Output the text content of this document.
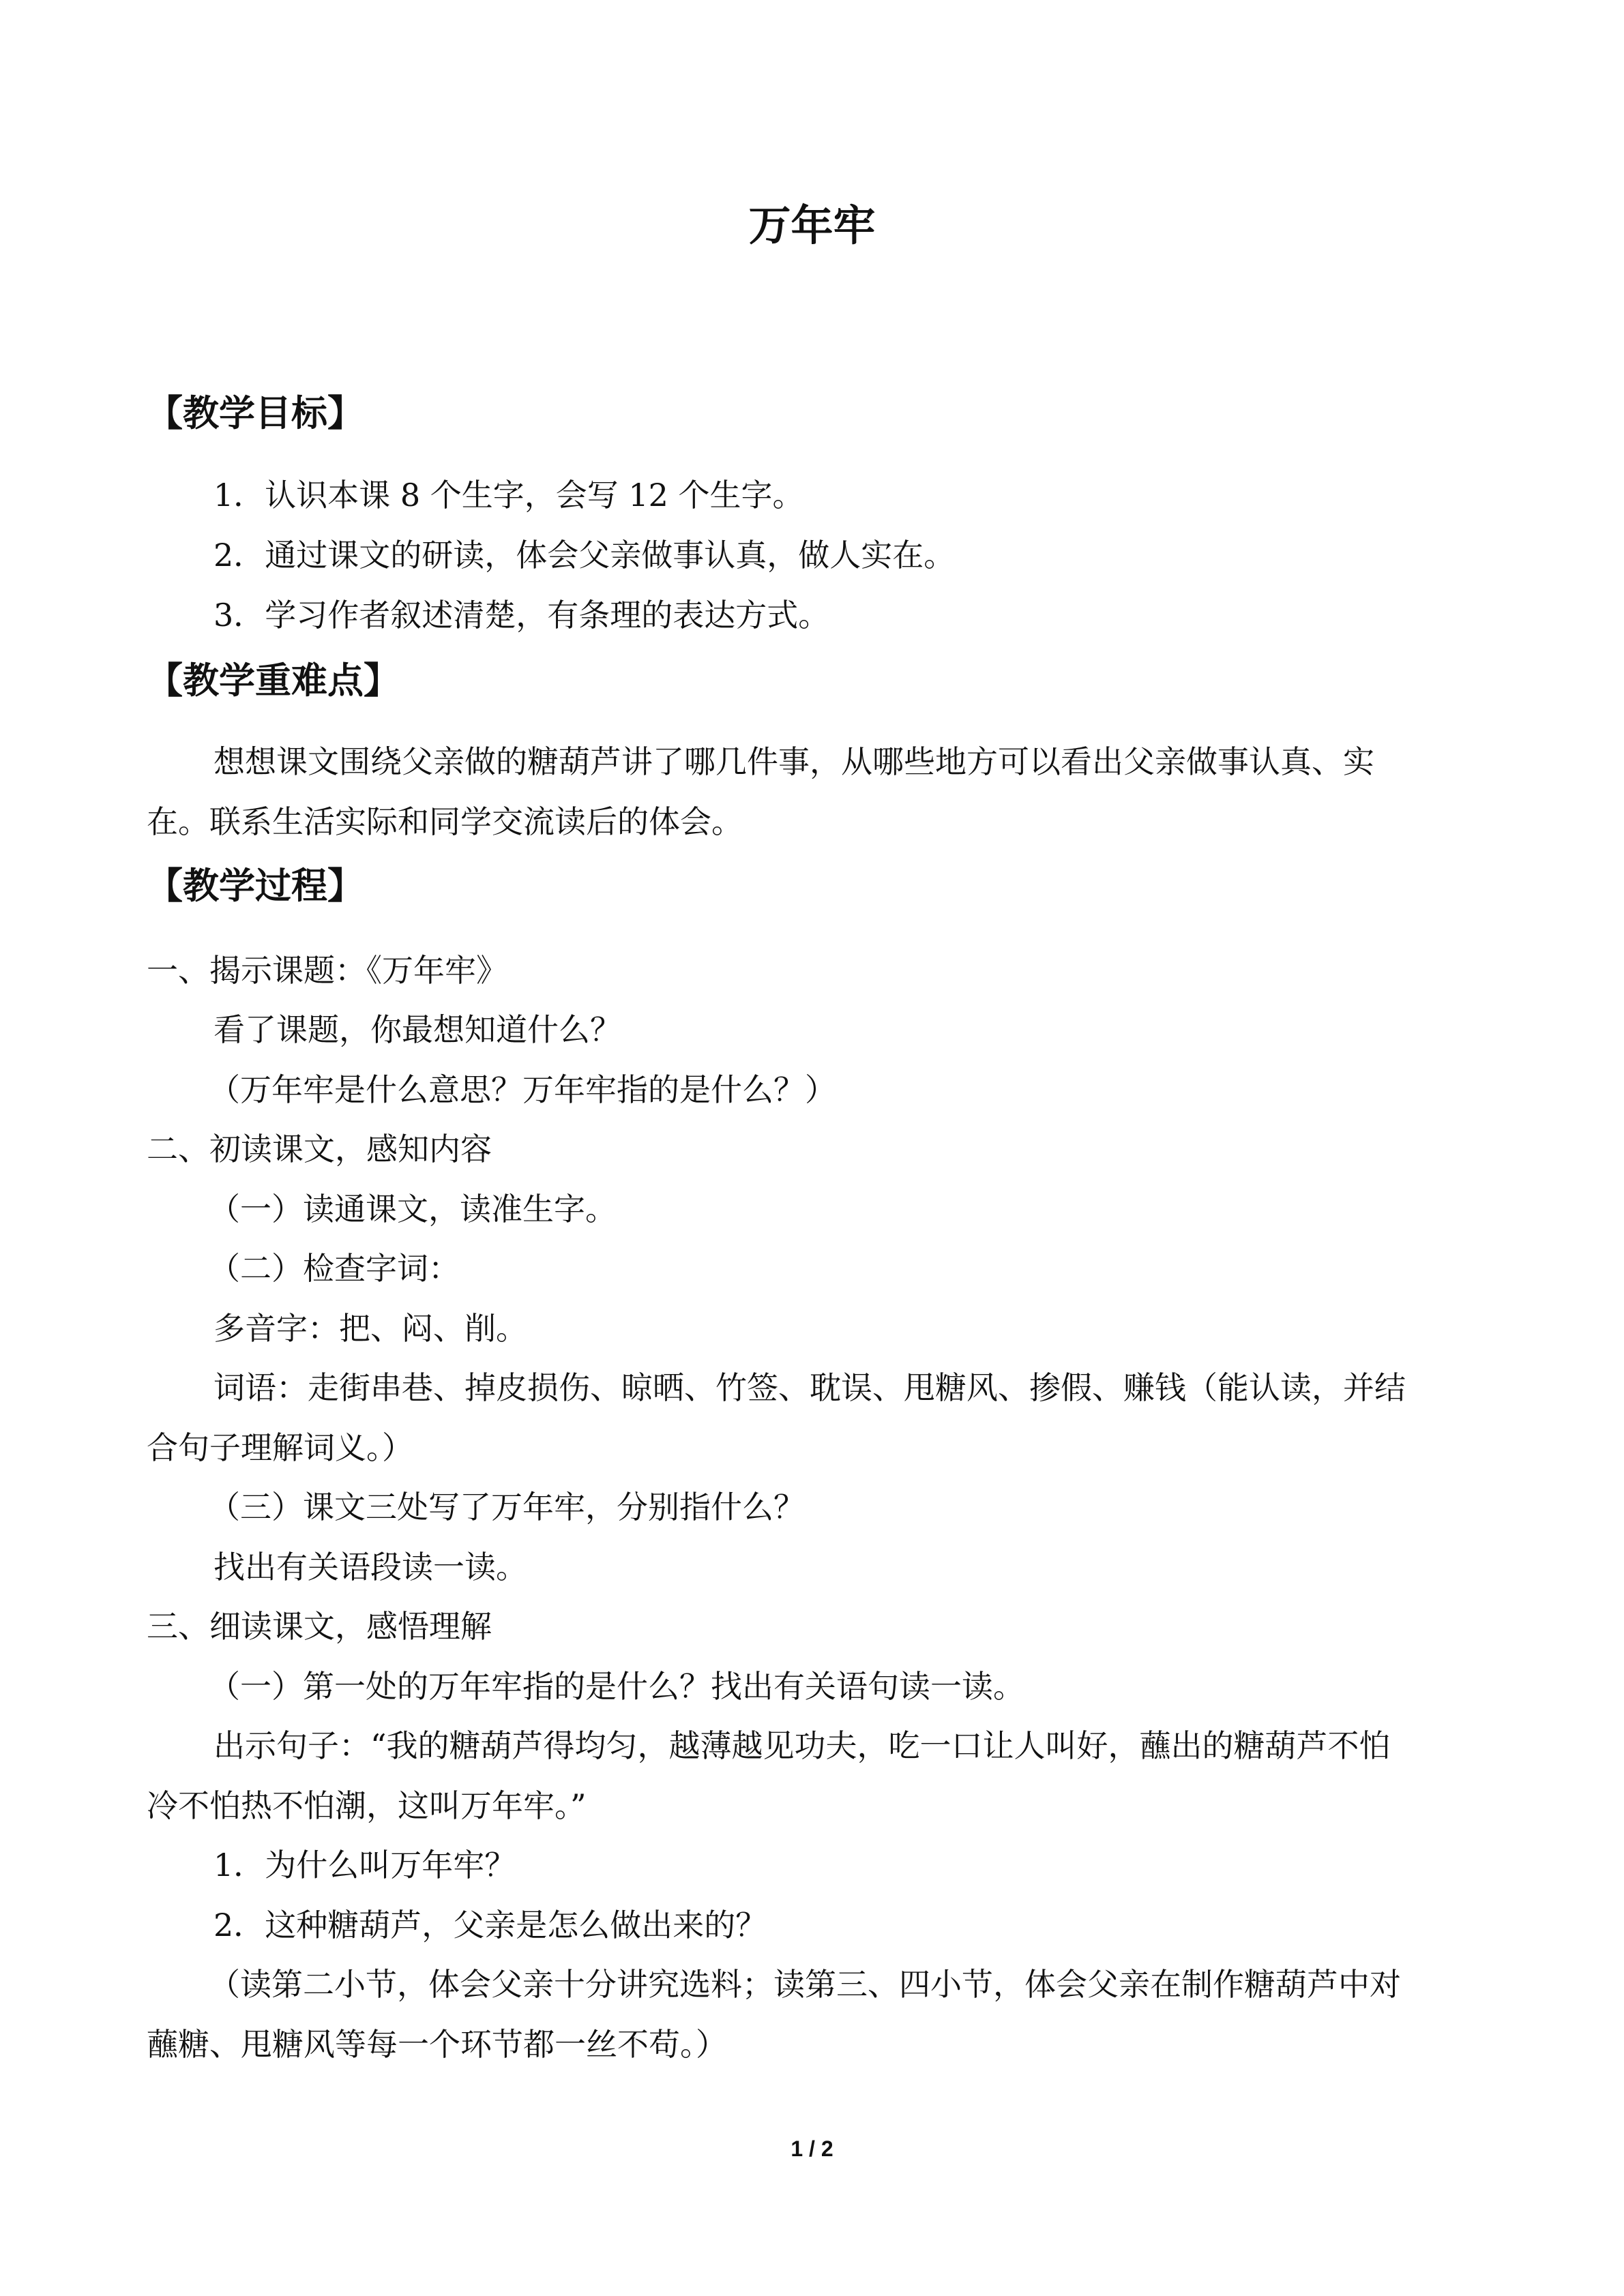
万年牢
【教学目标】
1．认识本课 8 个生字，会写 12 个生字。
2．通过课文的研读，体会父亲做事认真，做人实在。
3．学习作者叙述清楚，有条理的表达方式。
【教学重难点】
想想课文围绕父亲做的糖葫芦讲了哪几件事，从哪些地方可以看出父亲做事认真、实
在。联系生活实际和同学交流读后的体会。
【教学过程】
一、揭示课题：《万年牢》
看了课题，你最想知道什么？
（万年牢是什么意思？万年牢指的是什么？）
二、初读课文，感知内容
（一）读通课文，读准生字。
（二）检查字词：
多音字：把、闷、削。
词语：走街串巷、掉皮损伤、晾晒、竹签、耽误、甩糖风、掺假、赚钱（能认读，并结
合句子理解词义。）
（三）课文三处写了万年牢，分别指什么？
找出有关语段读一读。
三、细读课文，感悟理解
（一）第一处的万年牢指的是什么？找出有关语句读一读。
出示句子：“我的糖葫芦得均匀，越薄越见功夫，吃一口让人叫好，蘸出的糖葫芦不怕
冷不怕热不怕潮，这叫万年牢。”
1．为什么叫万年牢？
2．这种糖葫芦，父亲是怎么做出来的？
（读第二小节，体会父亲十分讲究选料；读第三、四小节，体会父亲在制作糖葫芦中对
蘸糖、甩糖风等每一个环节都一丝不苟。）
1 / 2
